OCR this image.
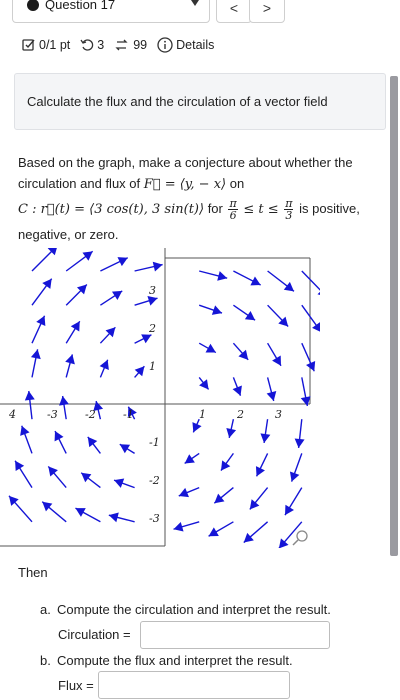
Question 17	<	>
0/1 pt 3 99 Details
Calculate the flux and the circulation of a vector field
Based on the graph, make a conjecture about whether the
circulation and flux of F⃗ = ⟨y, − x⟩ on
C : r⃗(t) = ⟨3 cos(t), 3 sin(t)⟩ for $\frac{\pi}{6} \le t \le \frac{\pi}{3}$ is positive,
negative, or zero.
4	-3 -2 -1	1	2	3
3
2
1
-1
-2
-3
Then
a. Compute the circulation and interpret the result.
Circulation =
b. Compute the flux and interpret the result.
Flux =
